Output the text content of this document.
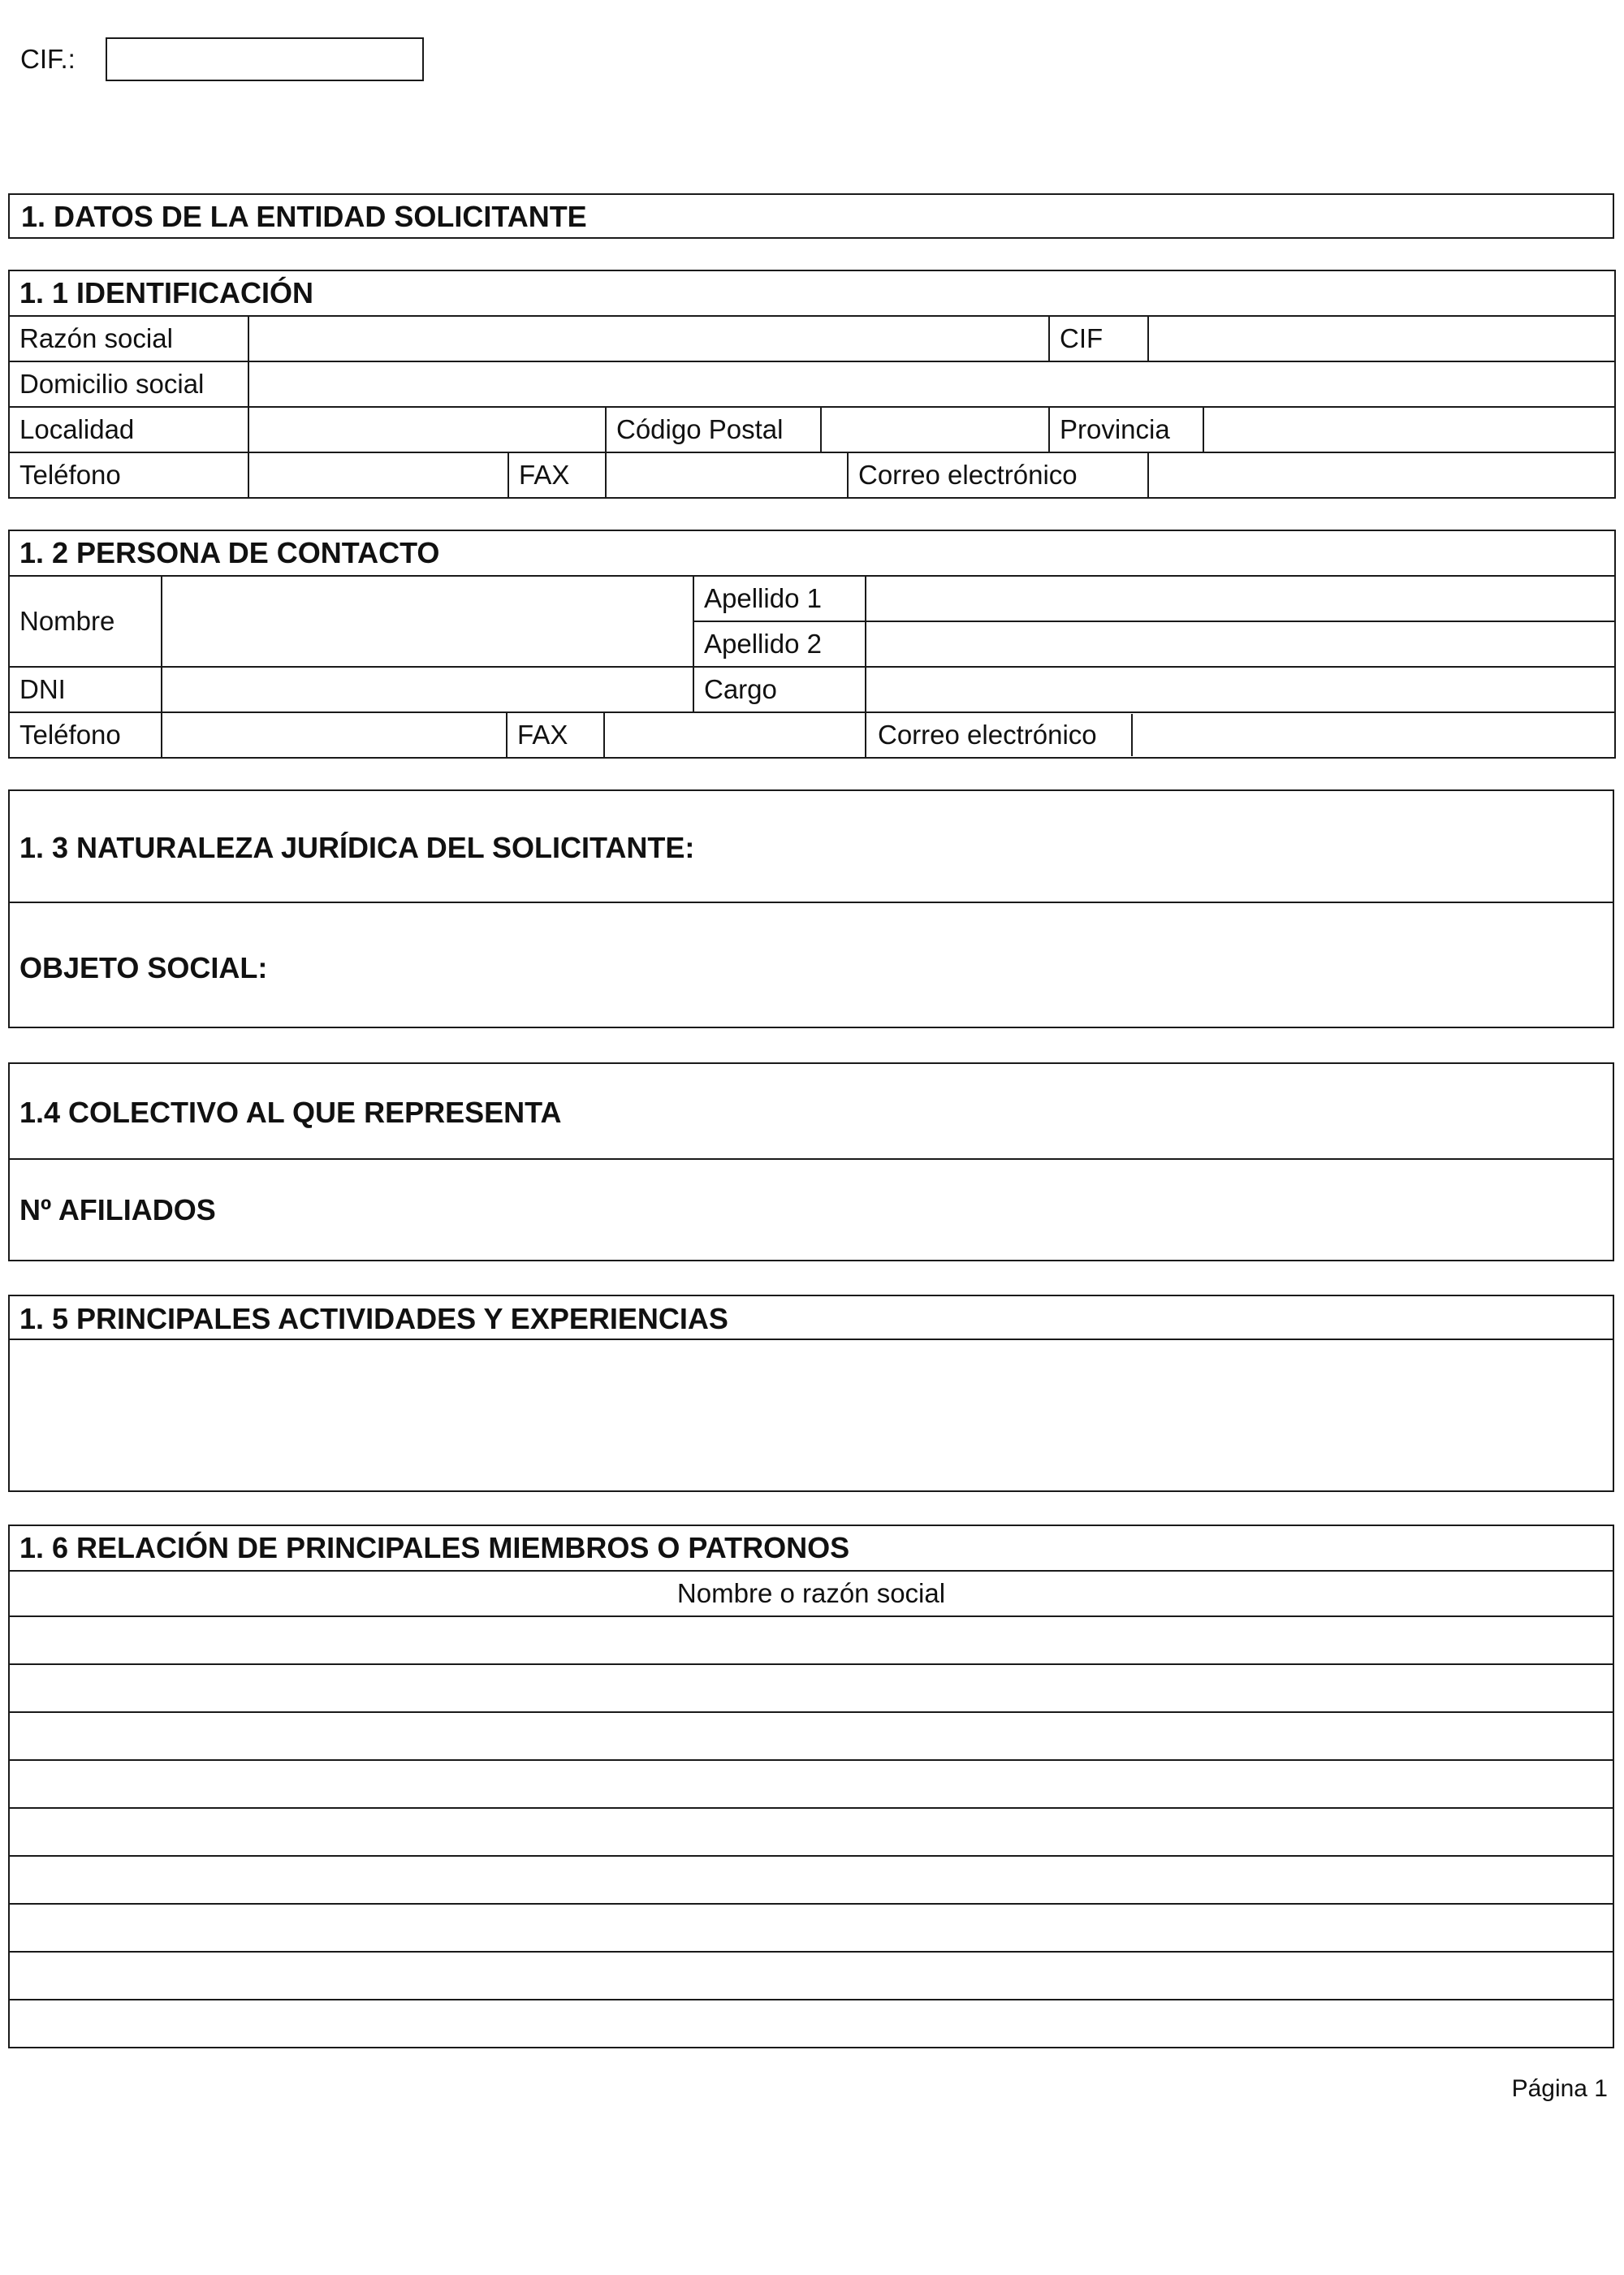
CIF.:
1. DATOS DE LA ENTIDAD SOLICITANTE
1. 1 IDENTIFICACIÓN								
Razón social						CIF		
Domicilio social								
Localidad			Código Postal			Provincia		
Teléfono		FAX			Correo electrónico			
1. 2 PERSONA DE CONTACTO					
Nombre				Apellido 1	
				Apellido 2	
DNI				Cargo	
Teléfono		FAX			Correo electrónico
1. 3 NATURALEZA JURÍDICA DEL SOLICITANTE:
OBJETO SOCIAL:
1.4 COLECTIVO AL QUE REPRESENTA
Nº AFILIADOS
1. 5 PRINCIPALES ACTIVIDADES Y EXPERIENCIAS
1. 6 RELACIÓN DE PRINCIPALES MIEMBROS O PATRONOS
Nombre o razón social

Página 1
